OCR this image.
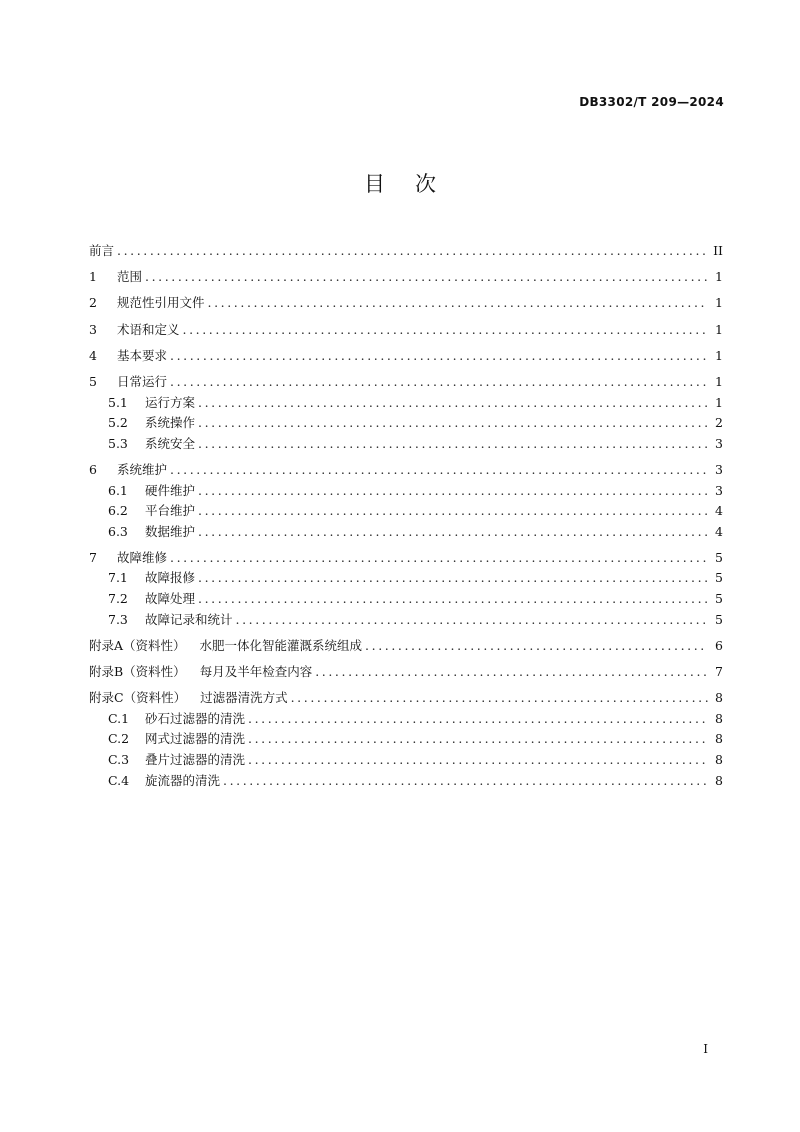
DB3302/T 209—2024
目次
前言 .....	II
1	范围 .....	1
2	规范性引用文件 .....	1
3	术语和定义 .....	1
4	基本要求 .....	1
5	日常运行 .....	1
5.1	运行方案 .....	1
5.2	系统操作 .....	2
5.3	系统安全 .....	3
6	系统维护 .....	3
6.1	硬件维护 .....	3
6.2	平台维护 .....	4
6.3	数据维护 .....	4
7	故障维修 .....	5
7.1	故障报修 .....	5
7.2	故障处理 .....	5
7.3	故障记录和统计 .....	5
附录A（资料性） 水肥一体化智能灌溉系统组成 .....	6
附录B（资料性） 每月及半年检查内容 .....	7
附录C（资料性） 过滤器清洗方式 .....	8
C.1	砂石过滤器的清洗 .....	8
C.2	网式过滤器的清洗 .....	8
C.3	叠片过滤器的清洗 .....	8
C.4	旋流器的清洗 .....	8
I
